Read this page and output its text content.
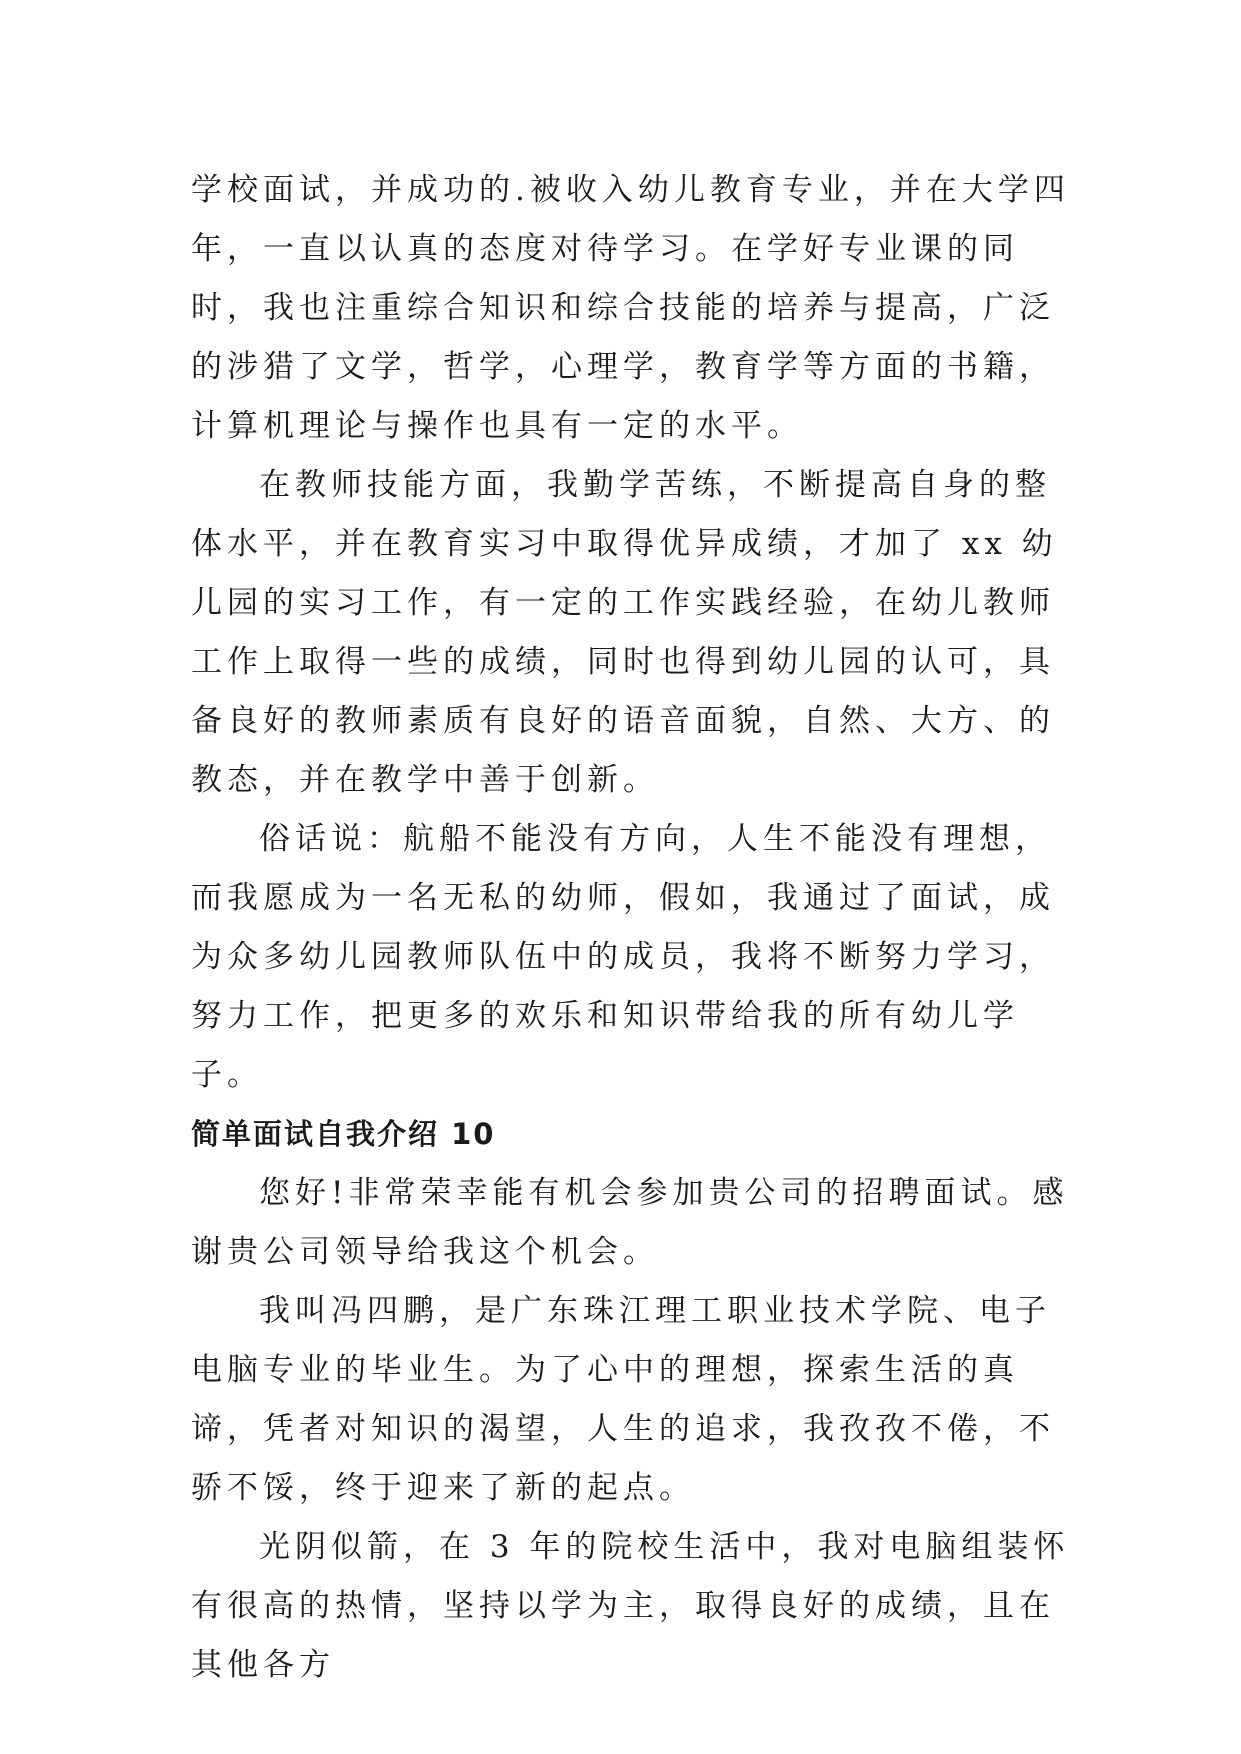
学校面试，并成功的.被收入幼儿教育专业，并在大学四年，一直以认真的态度对待学习。在学好专业课的同时，我也注重综合知识和综合技能的培养与提高，广泛的涉猎了文学，哲学，心理学，教育学等方面的书籍，计算机理论与操作也具有一定的水平。

在教师技能方面，我勤学苦练，不断提高自身的整体水平，并在教育实习中取得优异成绩，才加了 xx 幼儿园的实习工作，有一定的工作实践经验，在幼儿教师工作上取得一些的成绩，同时也得到幼儿园的认可，具备良好的教师素质有良好的语音面貌，自然、大方、的教态，并在教学中善于创新。

俗话说：航船不能没有方向，人生不能没有理想，而我愿成为一名无私的幼师，假如，我通过了面试，成为众多幼儿园教师队伍中的成员，我将不断努力学习，努力工作，把更多的欢乐和知识带给我的所有幼儿学子。

简单面试自我介绍 10

您好!非常荣幸能有机会参加贵公司的招聘面试。感谢贵公司领导给我这个机会。

我叫冯四鹏，是广东珠江理工职业技术学院、电子电脑专业的毕业生。为了心中的理想，探索生活的真谛，凭者对知识的渴望，人生的追求，我孜孜不倦，不骄不馁，终于迎来了新的起点。

光阴似箭，在 3 年的院校生活中，我对电脑组装怀有很高的热情，坚持以学为主，取得良好的成绩，且在其他各方
